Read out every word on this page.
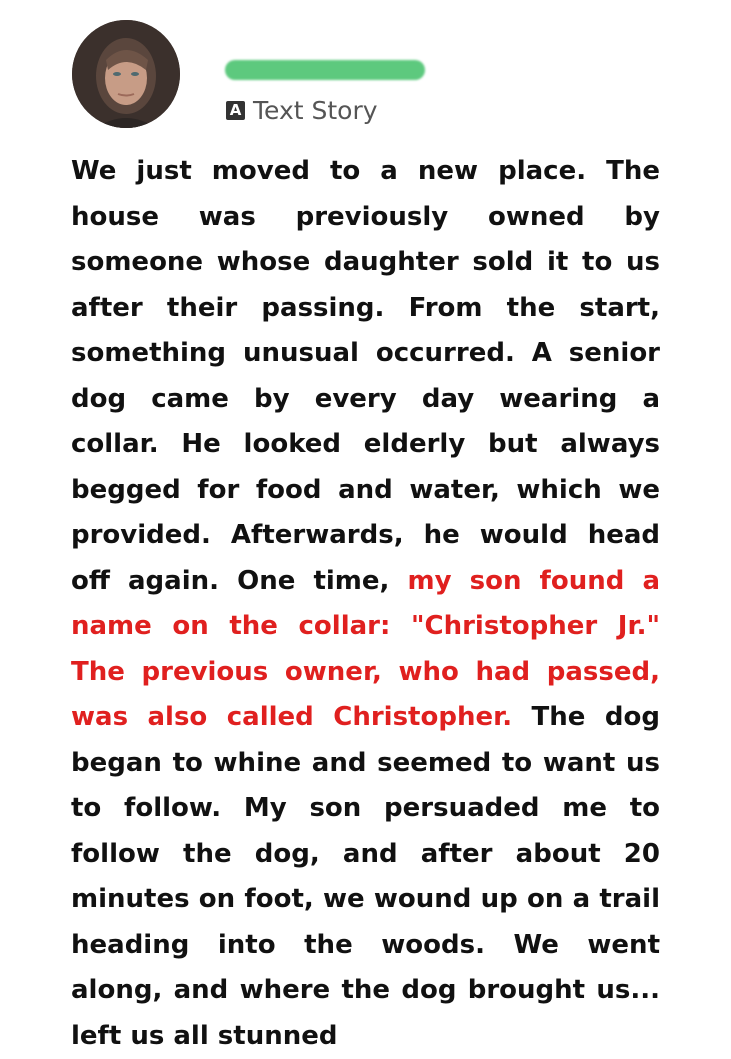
A Text Story

We just moved to a new place. The house was previously owned by someone whose daughter sold it to us after their passing. From the start, something unusual occurred. A senior dog came by every day wearing a collar. He looked elderly but always begged for food and water, which we provided. Afterwards, he would head off again. One time, my son found a name on the collar: "Christopher Jr." The previous owner, who had passed, was also called Christopher. The dog began to whine and seemed to want us to follow. My son persuaded me to follow the dog, and after about 20 minutes on foot, we wound up on a trail heading into the woods. We went along, and where the dog brought us... left us all stunned
